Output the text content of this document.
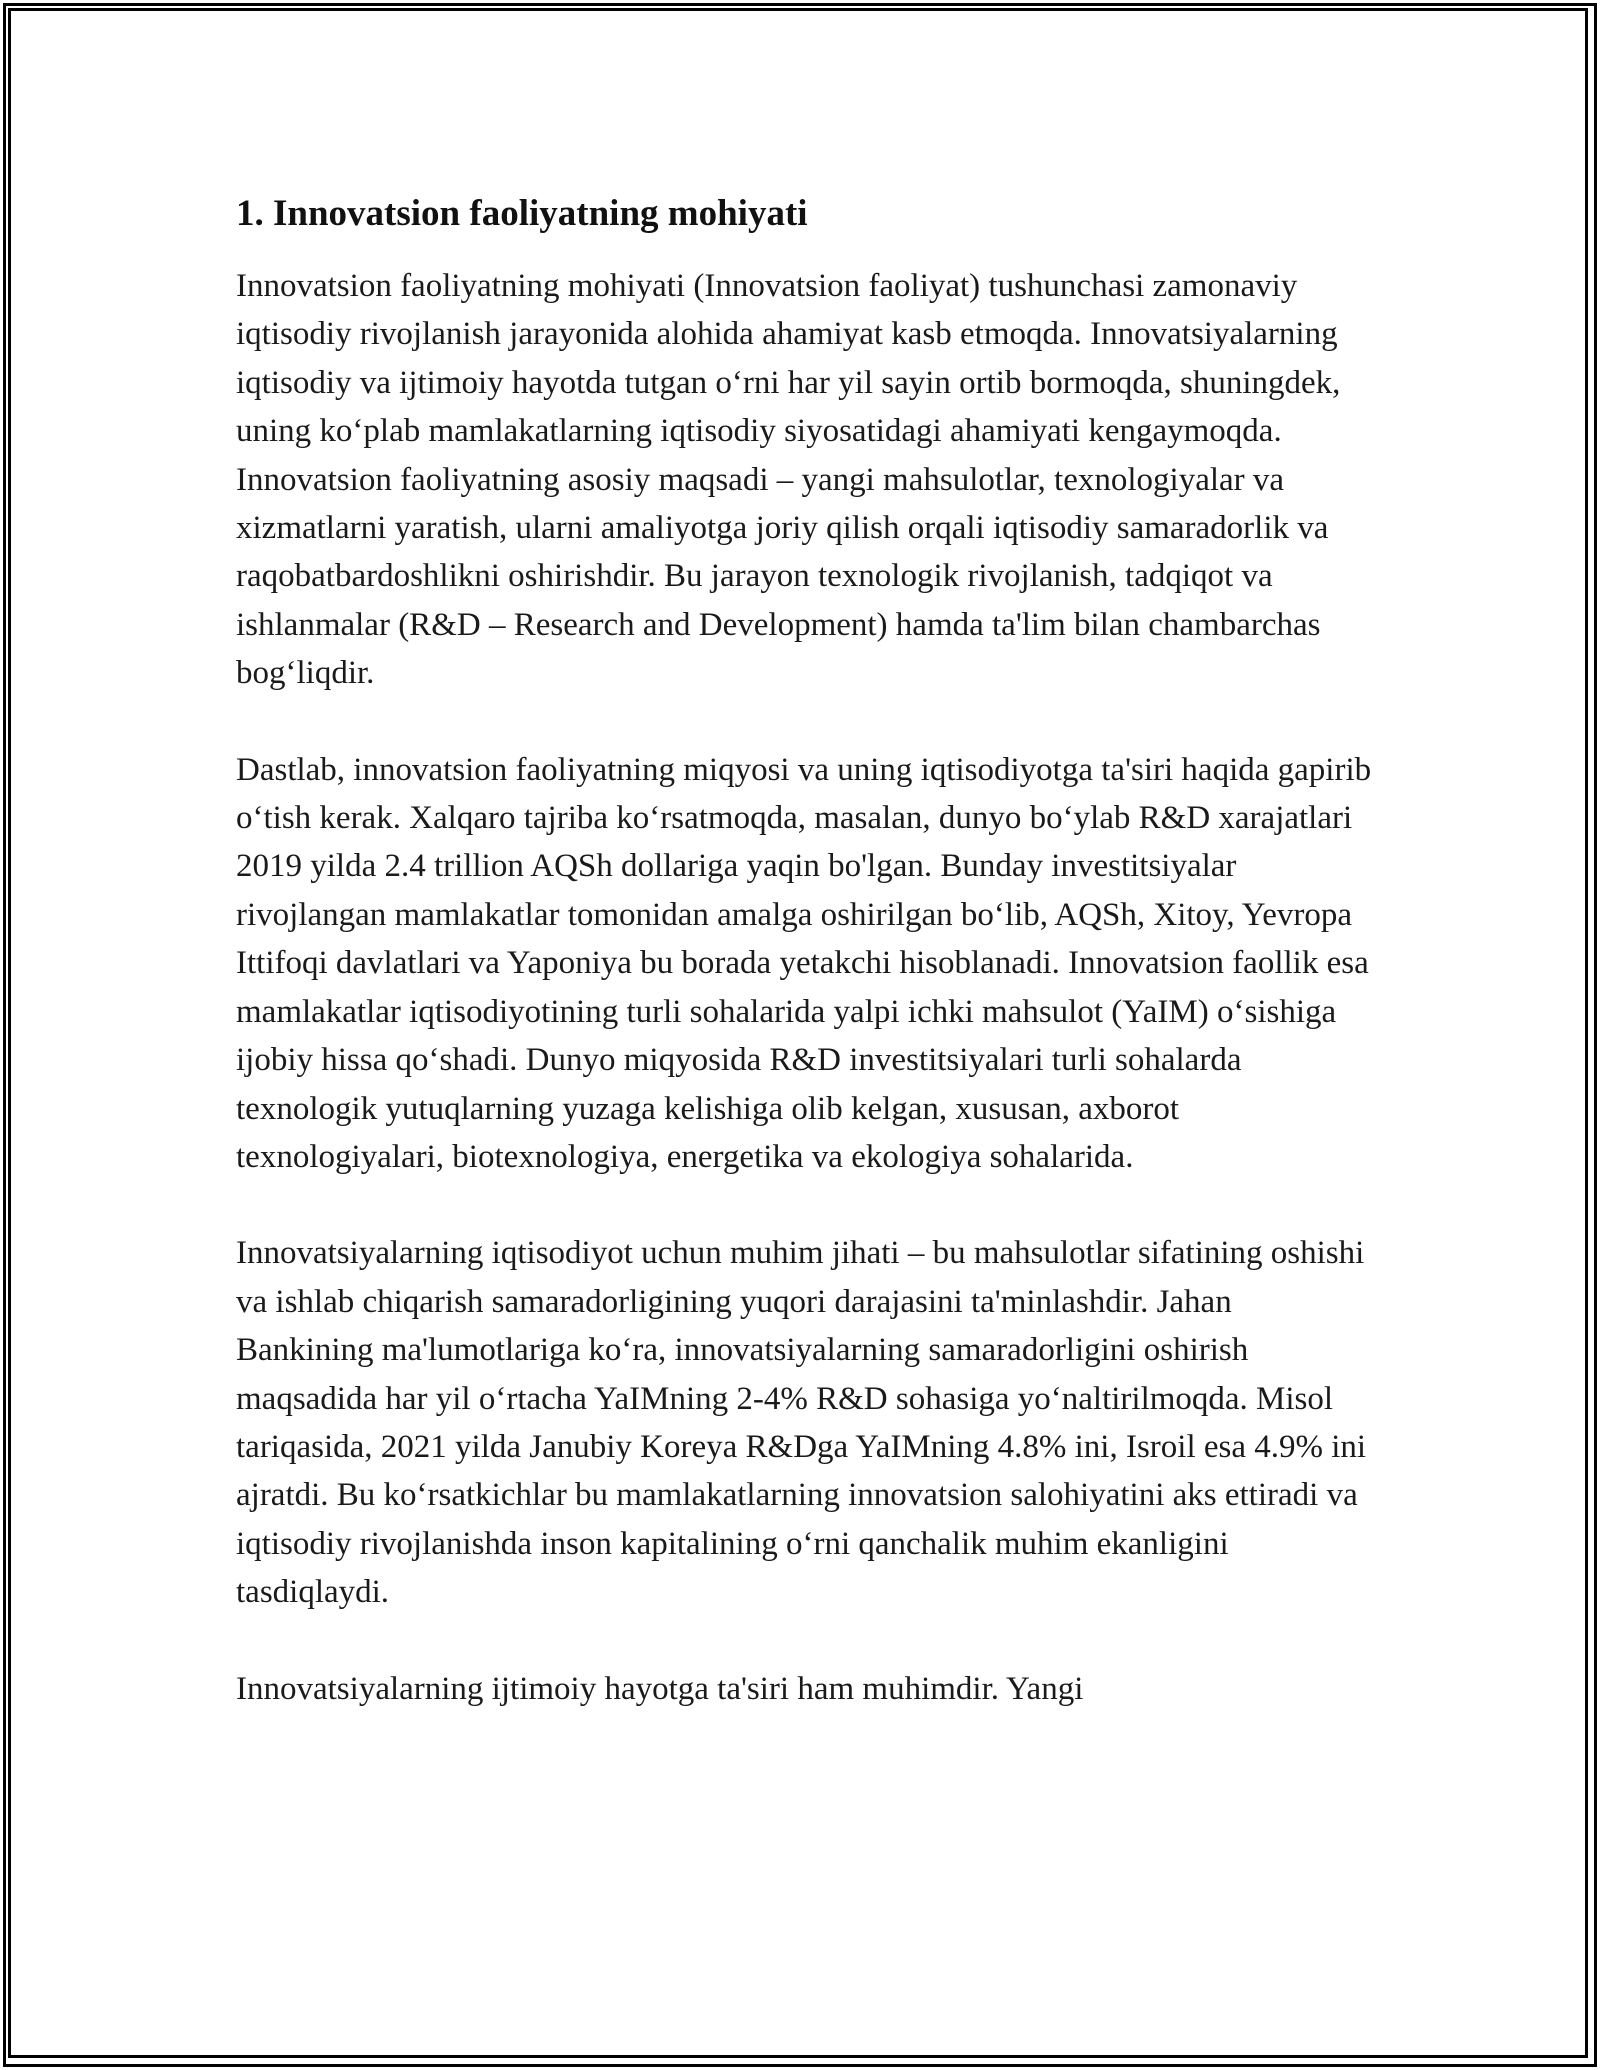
1. Innovatsion faoliyatning mohiyati

Innovatsion faoliyatning mohiyati (Innovatsion faoliyat) tushunchasi zamonaviy iqtisodiy rivojlanish jarayonida alohida ahamiyat kasb etmoqda. Innovatsiyalarning iqtisodiy va ijtimoiy hayotda tutgan o‘rni har yil sayin ortib bormoqda, shuningdek, uning ko‘plab mamlakatlarning iqtisodiy siyosatidagi ahamiyati kengaymoqda. Innovatsion faoliyatning asosiy maqsadi – yangi mahsulotlar, texnologiyalar va xizmatlarni yaratish, ularni amaliyotga joriy qilish orqali iqtisodiy samaradorlik va raqobatbardoshlikni oshirishdir. Bu jarayon texnologik rivojlanish, tadqiqot va ishlanmalar (R&D – Research and Development) hamda ta'lim bilan chambarchas bog‘liqdir.

Dastlab, innovatsion faoliyatning miqyosi va uning iqtisodiyotga ta'siri haqida gapirib o‘tish kerak. Xalqaro tajriba ko‘rsatmoqda, masalan, dunyo bo‘ylab R&D xarajatlari 2019 yilda 2.4 trillion AQSh dollariga yaqin bo'lgan. Bunday investitsiyalar rivojlangan mamlakatlar tomonidan amalga oshirilgan bo‘lib, AQSh, Xitoy, Yevropa Ittifoqi davlatlari va Yaponiya bu borada yetakchi hisoblanadi. Innovatsion faollik esa mamlakatlar iqtisodiyotining turli sohalarida yalpi ichki mahsulot (YaIM) o‘sishiga ijobiy hissa qo‘shadi. Dunyo miqyosida R&D investitsiyalari turli sohalarda texnologik yutuqlarning yuzaga kelishiga olib kelgan, xususan, axborot texnologiyalari, biotexnologiya, energetika va ekologiya sohalarida.

Innovatsiyalarning iqtisodiyot uchun muhim jihati – bu mahsulotlar sifatining oshishi va ishlab chiqarish samaradorligining yuqori darajasini ta'minlashdir. Jahan Bankining ma'lumotlariga ko‘ra, innovatsiyalarning samaradorligini oshirish maqsadida har yil o‘rtacha YaIMning 2-4% R&D sohasiga yo‘naltirilmoqda. Misol tariqasida, 2021 yilda Janubiy Koreya R&Dga YaIMning 4.8% ini, Isroil esa 4.9% ini ajratdi. Bu ko‘rsatkichlar bu mamlakatlarning innovatsion salohiyatini aks ettiradi va iqtisodiy rivojlanishda inson kapitalining o‘rni qanchalik muhim ekanligini tasdiqlaydi.

Innovatsiyalarning ijtimoiy hayotga ta'siri ham muhimdir. Yangi
